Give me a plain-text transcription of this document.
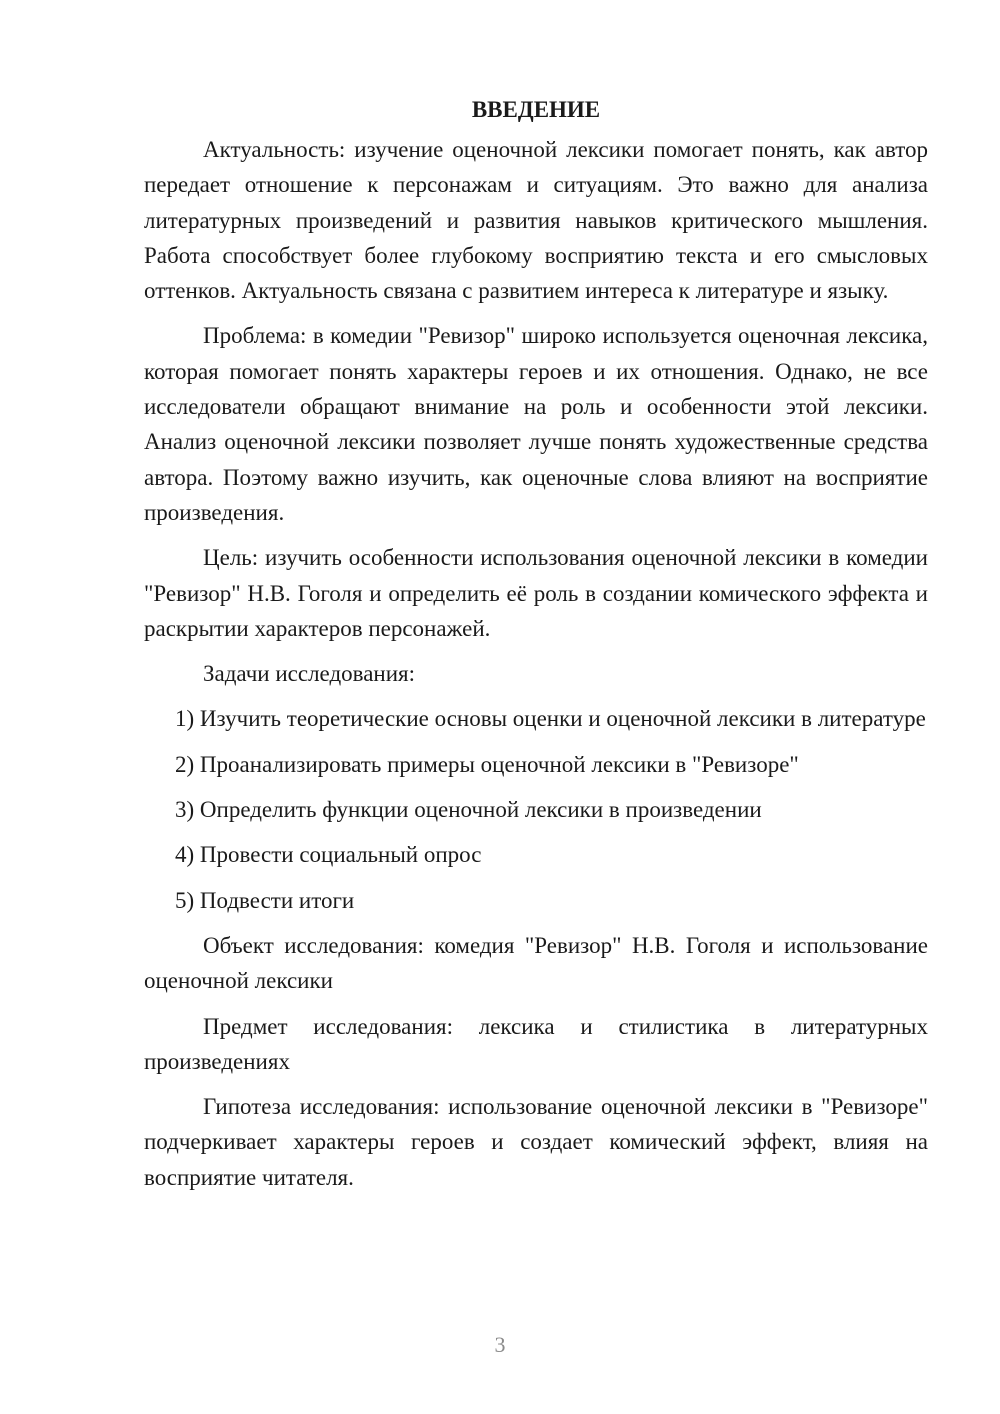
ВВЕДЕНИЕ

Актуальность: изучение оценочной лексики помогает понять, как автор передает отношение к персонажам и ситуациям. Это важно для анализа литературных произведений и развития навыков критического мышления. Работа способствует более глубокому восприятию текста и его смысловых оттенков. Актуальность связана с развитием интереса к литературе и языку.

Проблема: в комедии "Ревизор" широко используется оценочная лексика, которая помогает понять характеры героев и их отношения. Однако, не все исследователи обращают внимание на роль и особенности этой лексики. Анализ оценочной лексики позволяет лучше понять художественные средства автора. Поэтому важно изучить, как оценочные слова влияют на восприятие произведения.

Цель: изучить особенности использования оценочной лексики в комедии "Ревизор" Н.В. Гоголя и определить её роль в создании комического эффекта и раскрытии характеров персонажей.

Задачи исследования:

1) Изучить теоретические основы оценки и оценочной лексики в литературе

2) Проанализировать примеры оценочной лексики в "Ревизоре"

3) Определить функции оценочной лексики в произведении

4) Провести социальный опрос

5) Подвести итоги

Объект исследования: комедия "Ревизор" Н.В. Гоголя и использование оценочной лексики

Предмет исследования: лексика и стилистика в литературных произведениях

Гипотеза исследования: использование оценочной лексики в "Ревизоре" подчеркивает характеры героев и создает комический эффект, влияя на восприятие читателя.

3
